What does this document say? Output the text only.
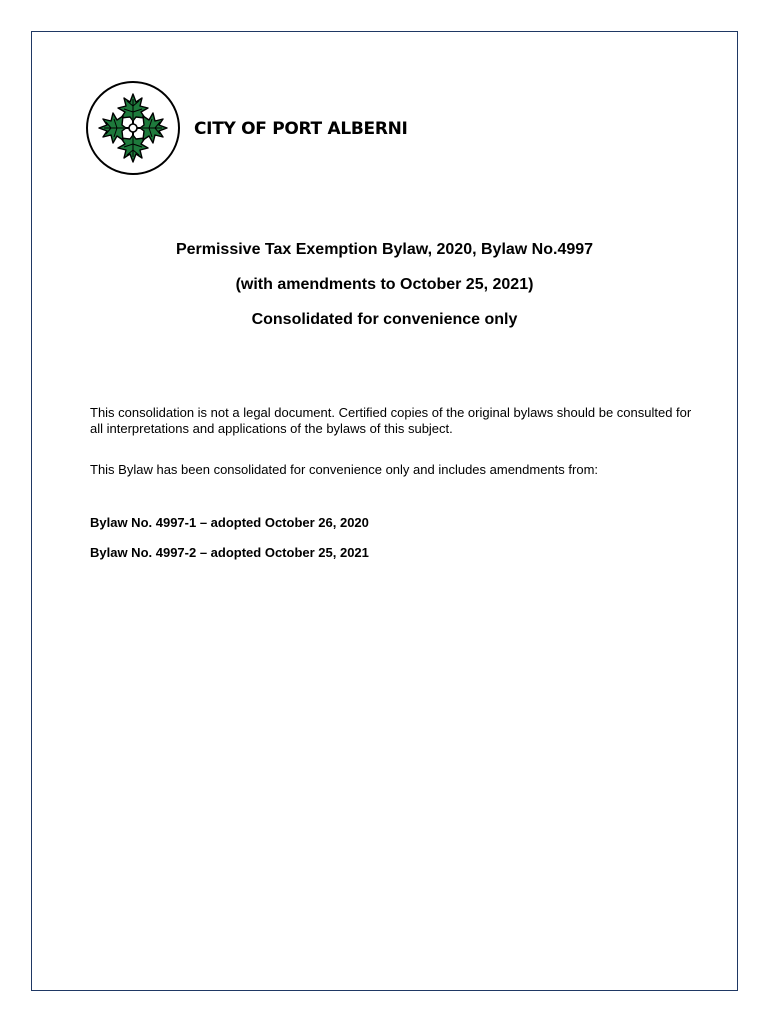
CITY OF PORT ALBERNI
Permissive Tax Exemption Bylaw, 2020, Bylaw No.4997
(with amendments to October 25, 2021)
Consolidated for convenience only
This consolidation is not a legal document. Certified copies of the original bylaws should be consulted for all interpretations and applications of the bylaws of this subject.
This Bylaw has been consolidated for convenience only and includes amendments from:
Bylaw No. 4997-1 – adopted October 26, 2020
Bylaw No. 4997-2 – adopted October 25, 2021
